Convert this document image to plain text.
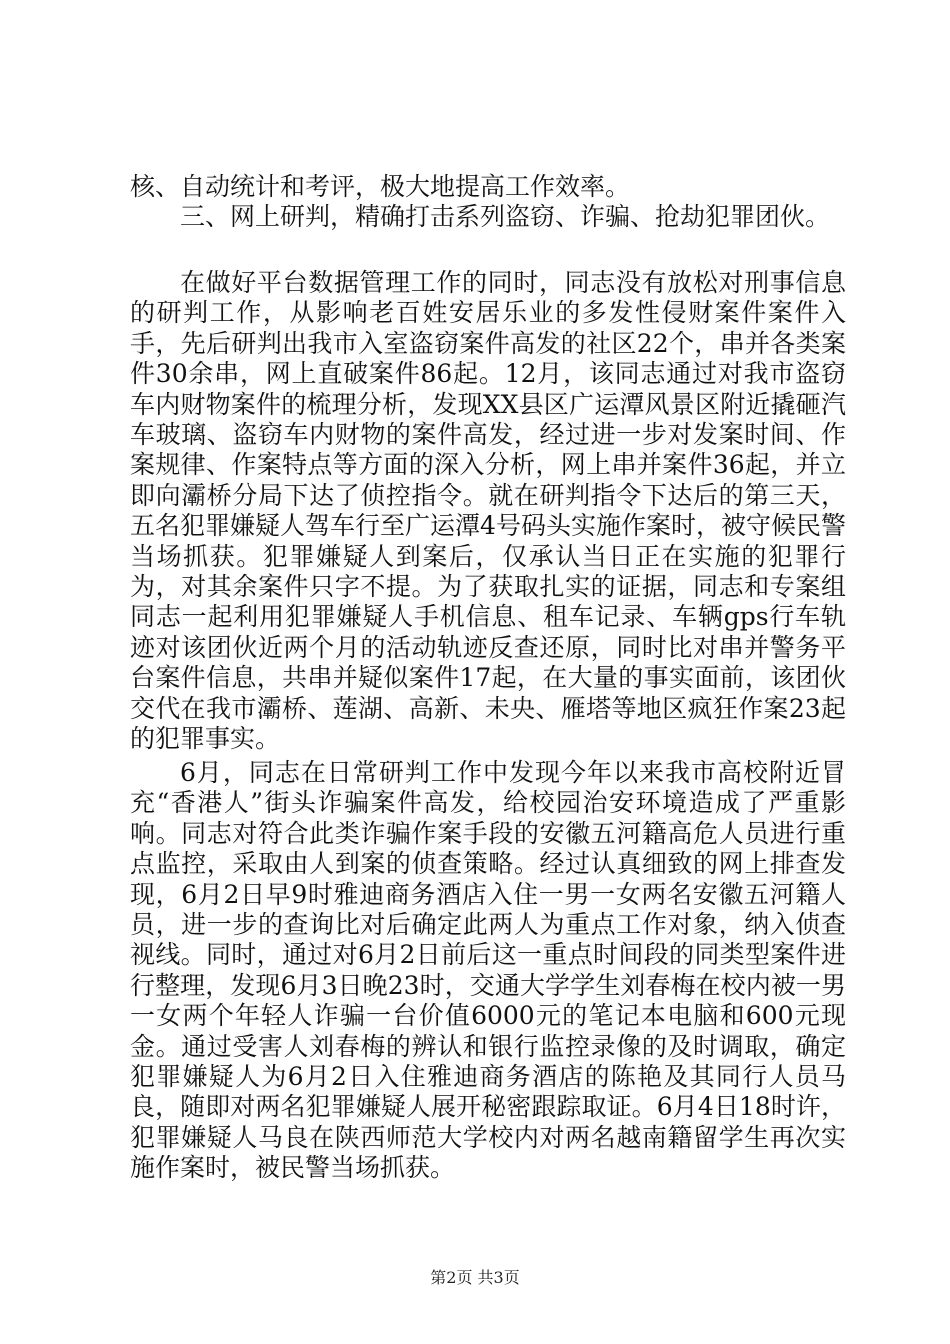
核、自动统计和考评，极大地提高工作效率。

三、网上研判，精确打击系列盗窃、诈骗、抢劫犯罪团伙。

在做好平台数据管理工作的同时，同志没有放松对刑事信息的研判工作，从影响老百姓安居乐业的多发性侵财案件案件入手，先后研判出我市入室盗窃案件高发的社区22个，串并各类案件30余串，网上直破案件86起。12月，该同志通过对我市盗窃车内财物案件的梳理分析，发现XX县区广运潭风景区附近撬砸汽车玻璃、盗窃车内财物的案件高发，经过进一步对发案时间、作案规律、作案特点等方面的深入分析，网上串并案件36起，并立即向灞桥分局下达了侦控指令。就在研判指令下达后的第三天，五名犯罪嫌疑人驾车行至广运潭4号码头实施作案时，被守候民警当场抓获。犯罪嫌疑人到案后，仅承认当日正在实施的犯罪行为，对其余案件只字不提。为了获取扎实的证据，同志和专案组同志一起利用犯罪嫌疑人手机信息、租车记录、车辆gps行车轨迹对该团伙近两个月的活动轨迹反查还原，同时比对串并警务平台案件信息，共串并疑似案件17起，在大量的事实面前，该团伙交代在我市灞桥、莲湖、高新、未央、雁塔等地区疯狂作案23起的犯罪事实。

6月，同志在日常研判工作中发现今年以来我市高校附近冒充“香港人”街头诈骗案件高发，给校园治安环境造成了严重影响。同志对符合此类诈骗作案手段的安徽五河籍高危人员进行重点监控，采取由人到案的侦查策略。经过认真细致的网上排查发现，6月2日早9时雅迪商务酒店入住一男一女两名安徽五河籍人员，进一步的查询比对后确定此两人为重点工作对象，纳入侦查视线。同时，通过对6月2日前后这一重点时间段的同类型案件进行整理，发现6月3日晚23时，交通大学学生刘春梅在校内被一男一女两个年轻人诈骗一台价值6000元的笔记本电脑和600元现金。通过受害人刘春梅的辨认和银行监控录像的及时调取，确定犯罪嫌疑人为6月2日入住雅迪商务酒店的陈艳及其同行人员马良，随即对两名犯罪嫌疑人展开秘密跟踪取证。6月4日18时许，犯罪嫌疑人马良在陕西师范大学校内对两名越南籍留学生再次实施作案时，被民警当场抓获。

第2页 共3页
